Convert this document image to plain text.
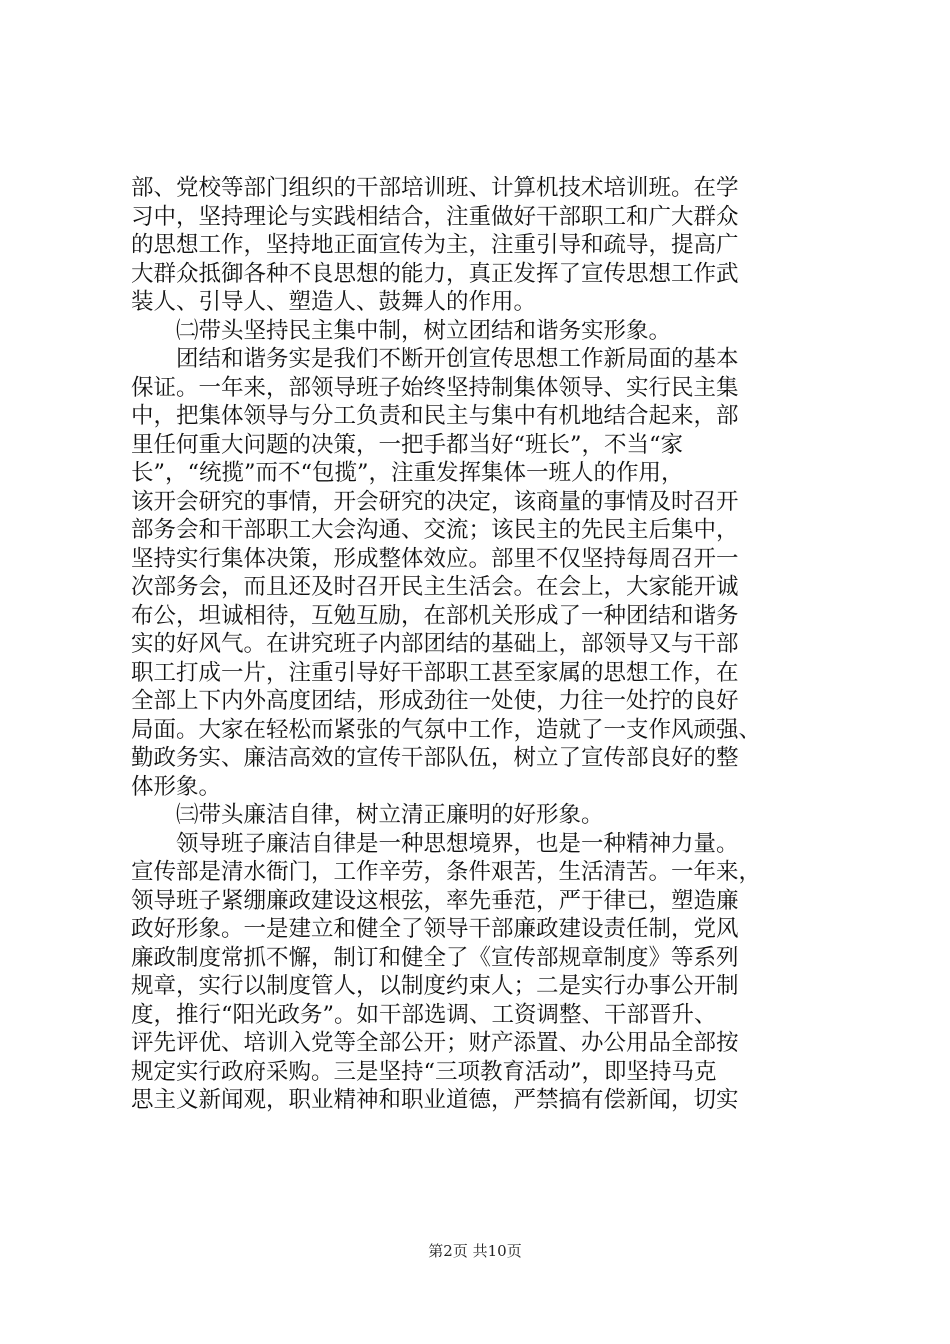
部、党校等部门组织的干部培训班、计算机技术培训班。在学
习中，坚持理论与实践相结合，注重做好干部职工和广大群众
的思想工作，坚持地正面宣传为主，注重引导和疏导，提高广
大群众抵御各种不良思想的能力，真正发挥了宣传思想工作武
装人、引导人、塑造人、鼓舞人的作用。
　　㈡带头坚持民主集中制，树立团结和谐务实形象。
　　团结和谐务实是我们不断开创宣传思想工作新局面的基本
保证。一年来，部领导班子始终坚持制集体领导、实行民主集
中，把集体领导与分工负责和民主与集中有机地结合起来，部
里任何重大问题的决策，一把手都当好“班长”，不当“家
长”，“统揽”而不“包揽”，注重发挥集体一班人的作用，
该开会研究的事情，开会研究的决定，该商量的事情及时召开
部务会和干部职工大会沟通、交流；该民主的先民主后集中，
坚持实行集体决策，形成整体效应。部里不仅坚持每周召开一
次部务会，而且还及时召开民主生活会。在会上，大家能开诚
布公，坦诚相待，互勉互励，在部机关形成了一种团结和谐务
实的好风气。在讲究班子内部团结的基础上，部领导又与干部
职工打成一片，注重引导好干部职工甚至家属的思想工作，在
全部上下内外高度团结，形成劲往一处使，力往一处拧的良好
局面。大家在轻松而紧张的气氛中工作，造就了一支作风顽强、
勤政务实、廉洁高效的宣传干部队伍，树立了宣传部良好的整
体形象。
　　㈢带头廉洁自律，树立清正廉明的好形象。
　　领导班子廉洁自律是一种思想境界，也是一种精神力量。
宣传部是清水衙门，工作辛劳，条件艰苦，生活清苦。一年来，
领导班子紧绷廉政建设这根弦，率先垂范，严于律已，塑造廉
政好形象。一是建立和健全了领导干部廉政建设责任制，党风
廉政制度常抓不懈，制订和健全了《宣传部规章制度》等系列
规章，实行以制度管人，以制度约束人；二是实行办事公开制
度，推行“阳光政务”。如干部选调、工资调整、干部晋升、
评先评优、培训入党等全部公开；财产添置、办公用品全部按
规定实行政府采购。三是坚持“三项教育活动”，即坚持马克
思主义新闻观，职业精神和职业道德，严禁搞有偿新闻，切实
第2页 共10页
